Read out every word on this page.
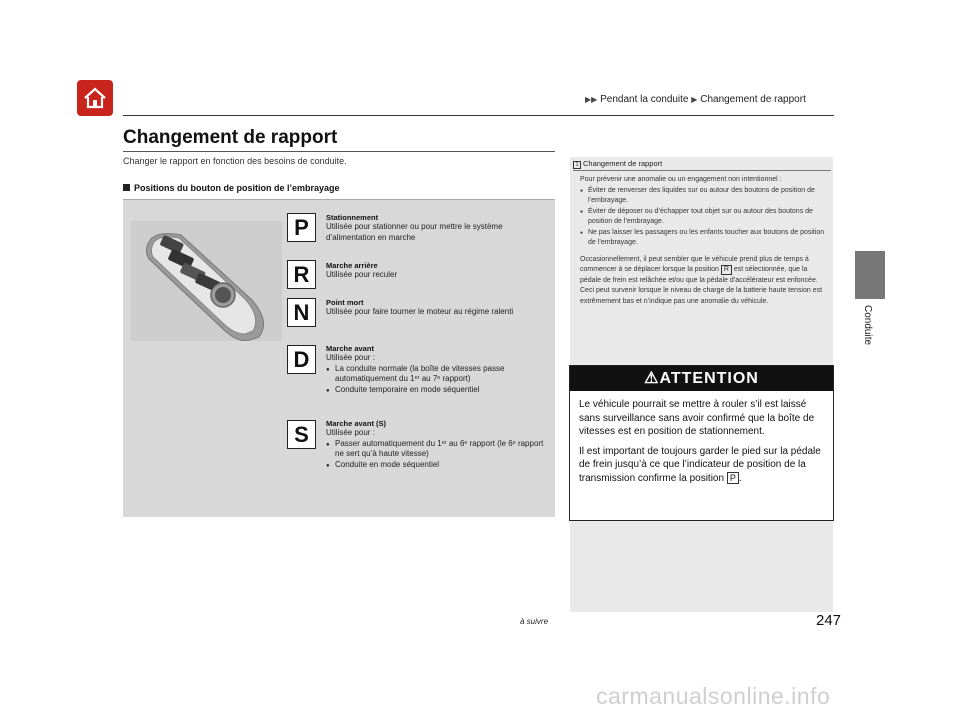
▶▶ Pendant la conduite ▶ Changement de rapport
Changement de rapport
Changer le rapport en fonction des besoins de conduite.
Positions du bouton de position de l’embrayage
P	Stationnement
Utilisée pour stationner ou pour mettre le système d’alimentation en marche
R	Marche arrière
Utilisée pour reculer
N	Point mort
Utilisée pour faire tourner le moteur au régime ralenti
D	Marche avant
Utilisée pour :
● La conduite normale (la boîte de vitesses passe automatiquement du 1ᵉʳ au 7ᵉ rapport)
● Conduite temporaire en mode séquentiel
S	Marche avant (S)
Utilisée pour :
● Passer automatiquement du 1ᵉʳ au 6ᵉ rapport (le 6ᵉ rapport ne sert qu’à haute vitesse)
● Conduite en mode séquentiel
1 Changement de rapport
Pour prévenir une anomalie ou un engagement non intentionnel :
● Éviter de renverser des liquides sur ou autour des boutons de position de l’embrayage.
● Éviter de déposer ou d’échapper tout objet sur ou autour des boutons de position de l’embrayage.
● Ne pas laisser les passagers ou les enfants toucher aux boutons de position de l’embrayage.
Occasionnellement, il peut sembler que le véhicule prend plus de temps à commencer à se déplacer lorsque la position R est sélectionnée, que la pédale de frein est relâchée et/ou que la pédale d’accélérateur est enfoncée. Ceci peut survenir lorsque le niveau de charge de la batterie haute tension est extrêmement bas et n’indique pas une anomalie du véhicule.
⚠ATTENTION

Le véhicule pourrait se mettre à rouler s’il est laissé sans surveillance sans avoir confirmé que la boîte de vitesses est en position de stationnement.

Il est important de toujours garder le pied sur la pédale de frein jusqu’à ce que l’indicateur de position de la transmission confirme la position P .

Conduite
à suivre	247
carmanualsonline.info
